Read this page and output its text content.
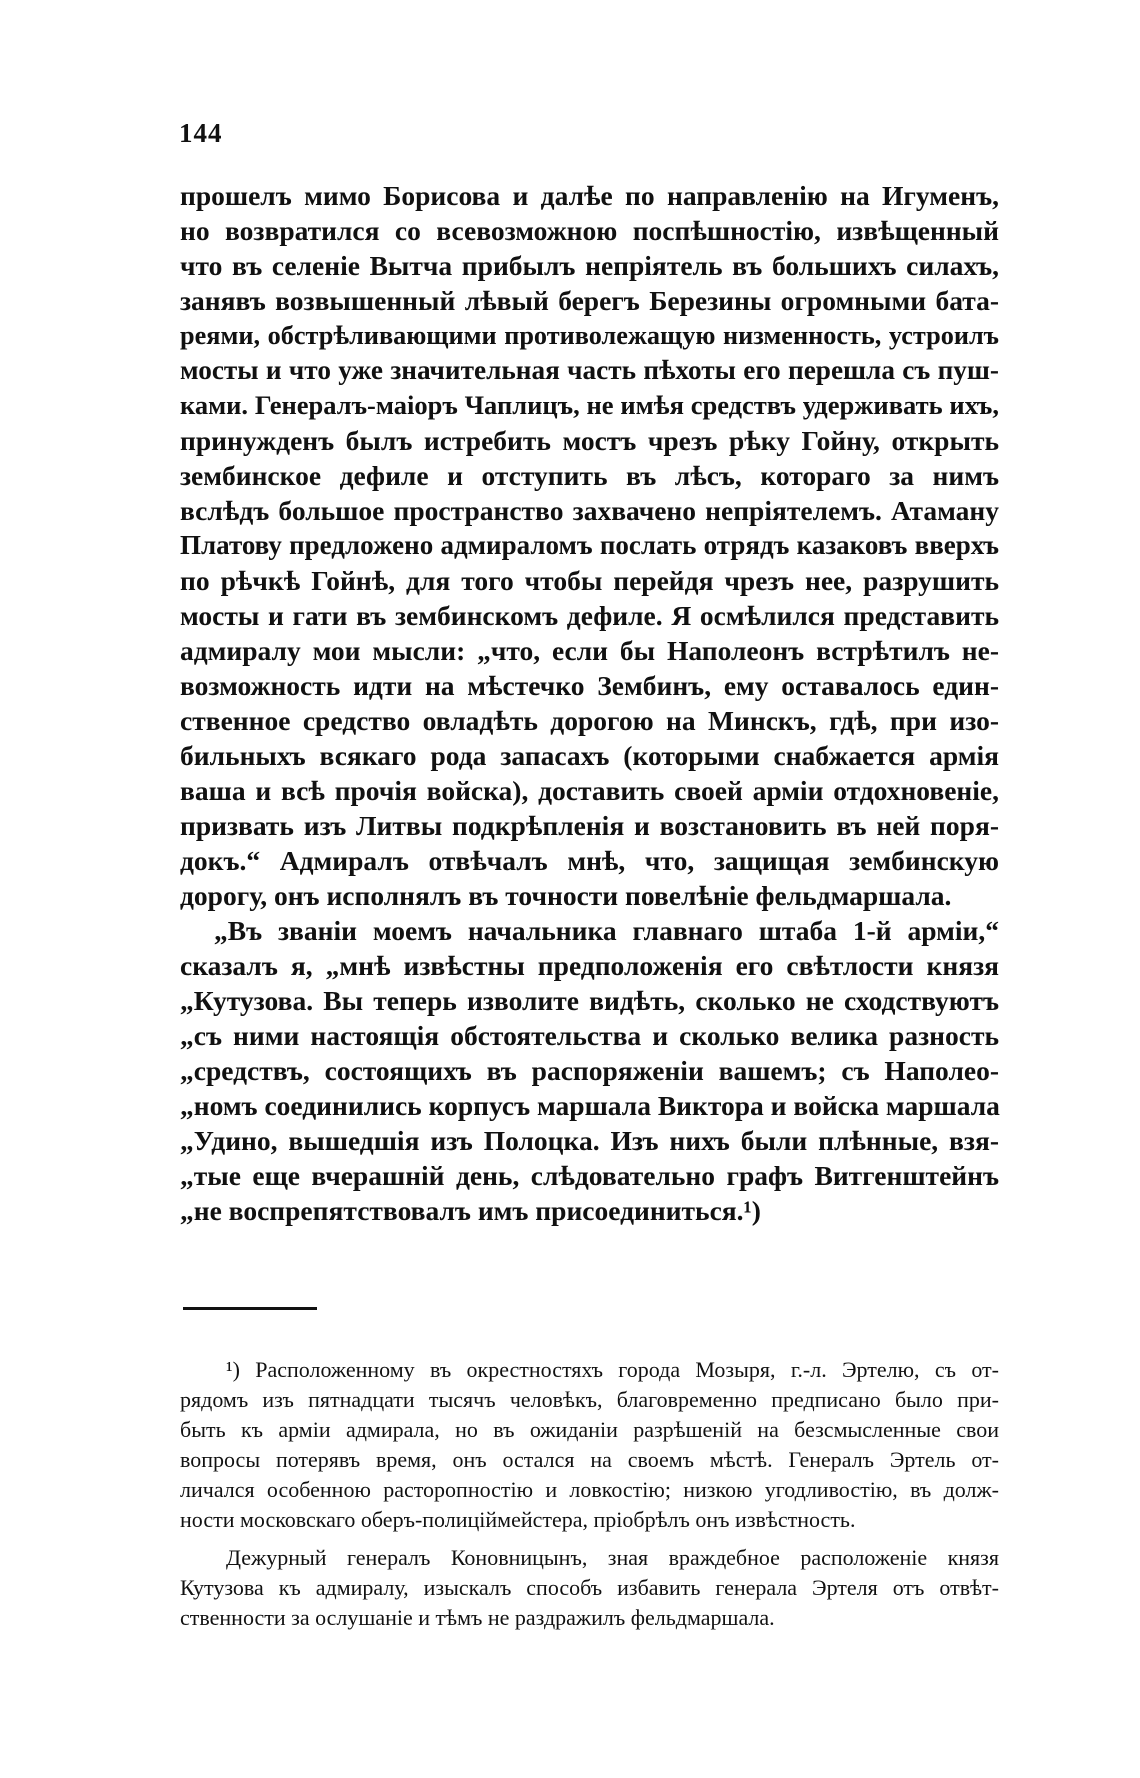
144
прошелъ мимо Борисова и далѣе по направленію на Игуменъ,
но возвратился со всевозможною поспѣшностію, извѣщенный
что въ селеніе Вытча прибылъ непріятель въ большихъ силахъ,
занявъ возвышенный лѣвый берегъ Березины огромными бата-
реями, обстрѣливающими противолежащую низменность, устроилъ
мосты и что уже значительная часть пѣхоты его перешла съ пуш-
ками. Генералъ-маіоръ Чаплицъ, не имѣя средствъ удерживать ихъ,
принужденъ былъ истребить мостъ чрезъ рѣку Гойну, открыть
зембинское дефиле и отступить въ лѣсъ, котораго за нимъ
вслѣдъ большое пространство захвачено непріятелемъ. Атаману
Платову предложено адмираломъ послать отрядъ казаковъ вверхъ
по рѣчкѣ Гойнѣ, для того чтобы перейдя чрезъ нее, разрушить
мосты и гати въ зембинскомъ дефиле. Я осмѣлился представить
адмиралу мои мысли: „что, если бы Наполеонъ встрѣтилъ не-
возможность идти на мѣстечко Зембинъ, ему оставалось един-
ственное средство овладѣть дорогою на Минскъ, гдѣ, при изо-
бильныхъ всякаго рода запасахъ (которыми снабжается армія
ваша и всѣ прочія войска), доставить своей арміи отдохновеніе,
призвать изъ Литвы подкрѣпленія и возстановить въ ней поря-
докъ.“ Адмиралъ отвѣчалъ мнѣ, что, защищая зембинскую
дорогу, онъ исполнялъ въ точности повелѣніе фельдмаршала.
„Въ званіи моемъ начальника главнаго штаба 1-й арміи,“
сказалъ я, „мнѣ извѣстны предположенія его свѣтлости князя
„Кутузова. Вы теперь изволите видѣть, сколько не сходствуютъ
„съ ними настоящія обстоятельства и сколько велика разность
„средствъ, состоящихъ въ распоряженіи вашемъ; съ Наполео-
„номъ соединились корпусъ маршала Виктора и войска маршала
„Удино, вышедшія изъ Полоцка. Изъ нихъ были плѣнные, взя-
„тые еще вчерашній день, слѣдовательно графъ Витгенштейнъ
„не воспрепятствовалъ имъ присоединиться.¹)
¹) Расположенному въ окрестностяхъ города Мозыря, г.-л. Эртелю, съ от-
рядомъ изъ пятнадцати тысячъ человѣкъ, благовременно предписано было при-
быть къ арміи адмирала, но въ ожиданіи разрѣшеній на безсмысленные свои
вопросы потерявъ время, онъ остался на своемъ мѣстѣ. Генералъ Эртель от-
личался особенною расторопностію и ловкостію; низкою угодливостію, въ долж-
ности московскаго оберъ-полицiймейстера, пріобрѣлъ онъ извѣстность.
Дежурный генералъ Коновницынъ, зная враждебное расположеніе князя
Кутузова къ адмиралу, изыскалъ способъ избавить генерала Эртеля отъ отвѣт-
ственности за ослушаніе и тѣмъ не раздражилъ фельдмаршала.
